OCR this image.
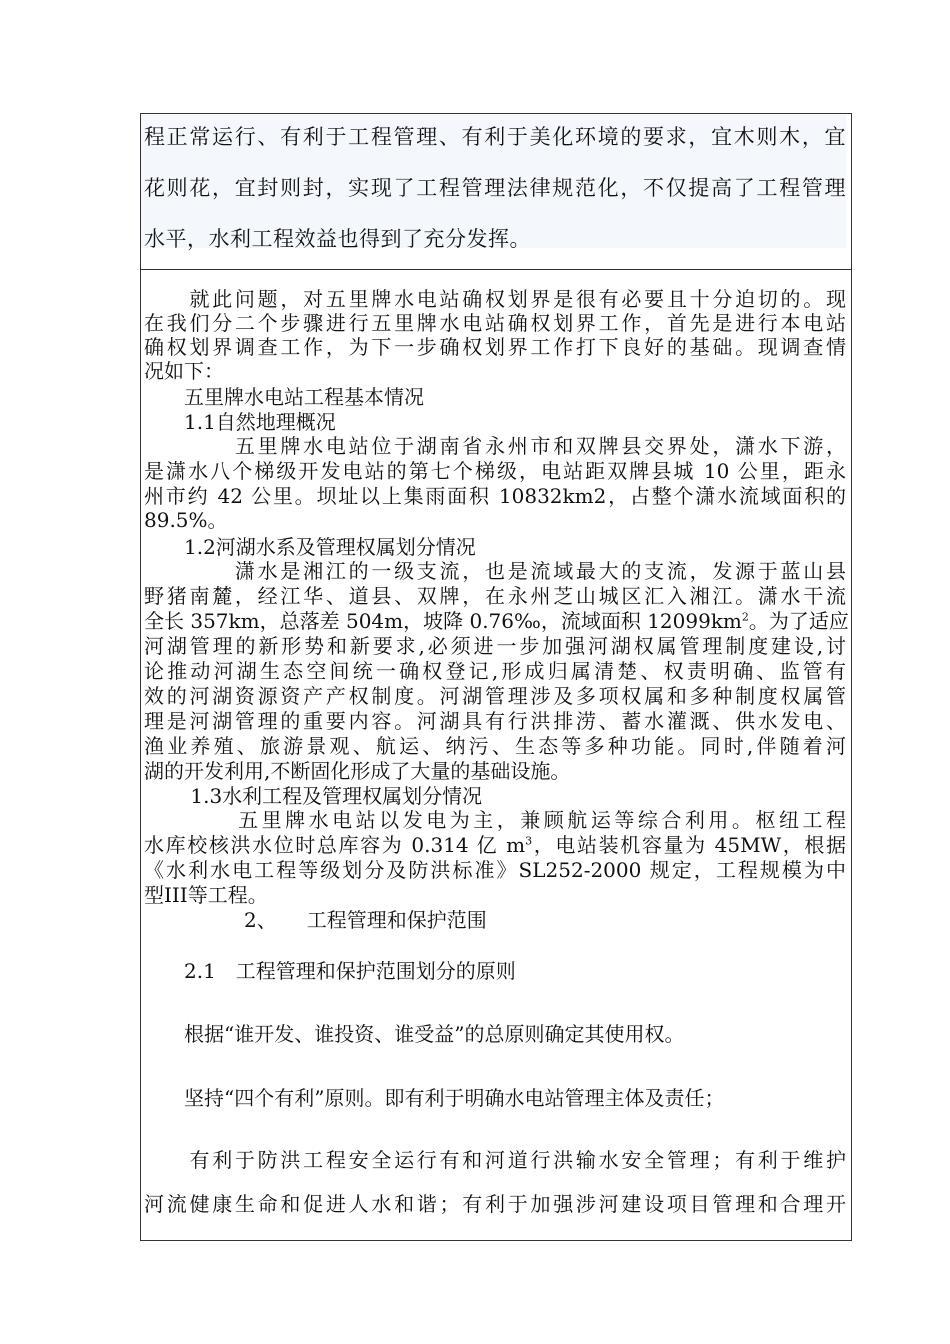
程正常运行、有利于工程管理、有利于美化环境的要求，宜木则木，宜
花则花，宜封则封，实现了工程管理法律规范化，不仅提高了工程管理
水平，水利工程效益也得到了充分发挥。
　　就此问题，对五里牌水电站确权划界是很有必要且十分迫切的。现
在我们分二个步骤进行五里牌水电站确权划界工作，首先是进行本电站
确权划界调查工作，为下一步确权划界工作打下良好的基础。现调查情
况如下：
　　五里牌水电站工程基本情况
　　1.1自然地理概况
　　　　五里牌水电站位于湖南省永州市和双牌县交界处，潇水下游，
是潇水八个梯级开发电站的第七个梯级，电站距双牌县城 10 公里，距永
州市约 42 公里。坝址以上集雨面积 10832km2，占整个潇水流域面积的
89.5%。
　　1.2河湖水系及管理权属划分情况
　　　　潇水是湘江的一级支流，也是流域最大的支流，发源于蓝山县
野猪南麓，经江华、道县、双牌，在永州芝山城区汇入湘江。潇水干流
全长 357km，总落差 504m，坡降 0.76‰，流域面积 $12099km^2$。为了适应
河湖管理的新形势和新要求,必须进一步加强河湖权属管理制度建设,讨
论推动河湖生态空间统一确权登记,形成归属清楚、权责明确、监管有
效的河湖资源资产产权制度。河湖管理涉及多项权属和多种制度权属管
理是河湖管理的重要内容。河湖具有行洪排涝、蓄水灌溉、供水发电、
渔业养殖、旅游景观、航运、纳污、生态等多种功能。同时,伴随着河
湖的开发利用,不断固化形成了大量的基础设施。
　　 1.3水利工程及管理权属划分情况
　　　　五里牌水电站以发电为主，兼顾航运等综合利用。枢纽工程
水库校核洪水位时总库容为 0.314 亿 $m^3$，电站装机容量为 45MW，根据
《水利水电工程等级划分及防洪标准》SL252-2000 规定，工程规模为中
型III等工程。
　　　　　2、　　工程管理和保护范围
　　2.1　工程管理和保护范围划分的原则
　　根据“谁开发、谁投资、谁受益”的总原则确定其使用权。
　　坚持“四个有利”原则。即有利于明确水电站管理主体及责任；
　　有利于防洪工程安全运行有和河道行洪输水安全管理；有利于维护
河流健康生命和促进人水和谐；有利于加强涉河建设项目管理和合理开
